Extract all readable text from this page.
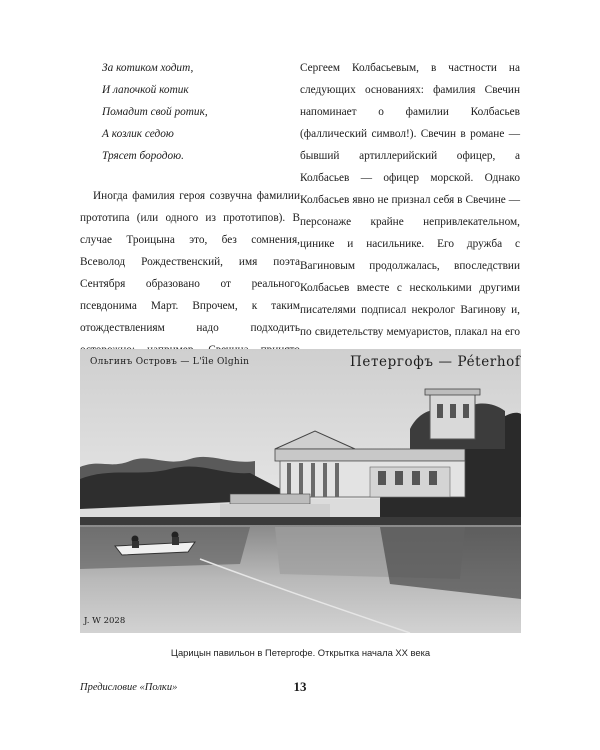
За котиком ходит,
И лапочкой котик
Помадит свой ротик,
А козлик седою
Трясет бородою.

Иногда фамилия героя созвучна фамилии прототипа (или одного из прототипов). В случае Троицына это, без сомнения, Всеволод Рождественский, имя поэта Сентября образовано от реального псевдонима Март. Впрочем, к таким отождествлениям надо подходить

Сергеем Колбасьевым, в частности на следующих основаниях: фамилия Свечин напоминает о фамилии Колбасьев (фаллический символ!). Свечин в романе — бывший артиллерийский офицер, а Колбасьев — офицер морской. Однако Колбасьев явно не признал себя в Свечине — персонаже крайне непривлекательном, цинике и насильнике. Его дружба с Вагиновым продолжалась, впоследствии Колбасьев вместе с несколькими другими писателями подписал некролог Вагинову и, по свидетельству мемуаристов, плакал на его

Ольгинъ Островъ — L'île Olghin	Петергофъ — Péterhof
J. W 2028
Царицын павильон в Петергофе. Открытка начала XX века
Предисловие «Полки»	13
